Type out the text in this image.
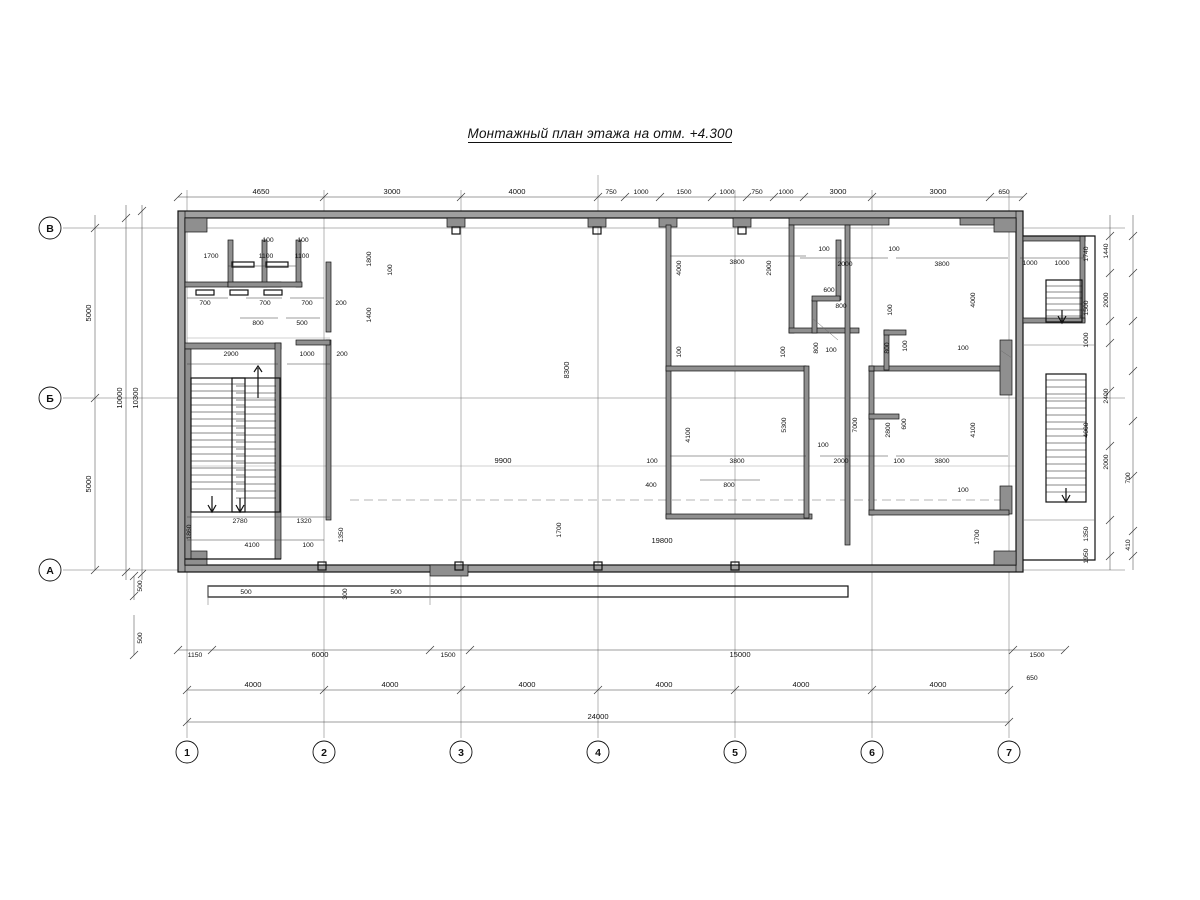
Монтажный план этажа на отм. +4.300
1	2	3	4	5	6	7
В
Б
А
4650	3000	4000	750 1000	1500	1000 750 1000	3000	3000	650
5000
5000
10000 10300
500
500
1740
1500
1000
4000
1350
1950
1440
2000
2400
2000
700
410
1000 1000
1150	6000	1500	15000	1500
4000	4000	4000	4000	4000	4000
650
24000
1700
100	100
1100	1100	1800
100
700	700	700	200
1400
800	500
2900	1000	200
2780	1320
4100	100
1350
1860
500	500
300
8300
9900
19800
1700
4000
100
3800	2900
100
100	100
2000	3800
600
800	100
800 100	800 100	100
4000
4100
100
4100
5300	7000	2800 600
100	3800
100
2000	100	3800
400	800
1700
